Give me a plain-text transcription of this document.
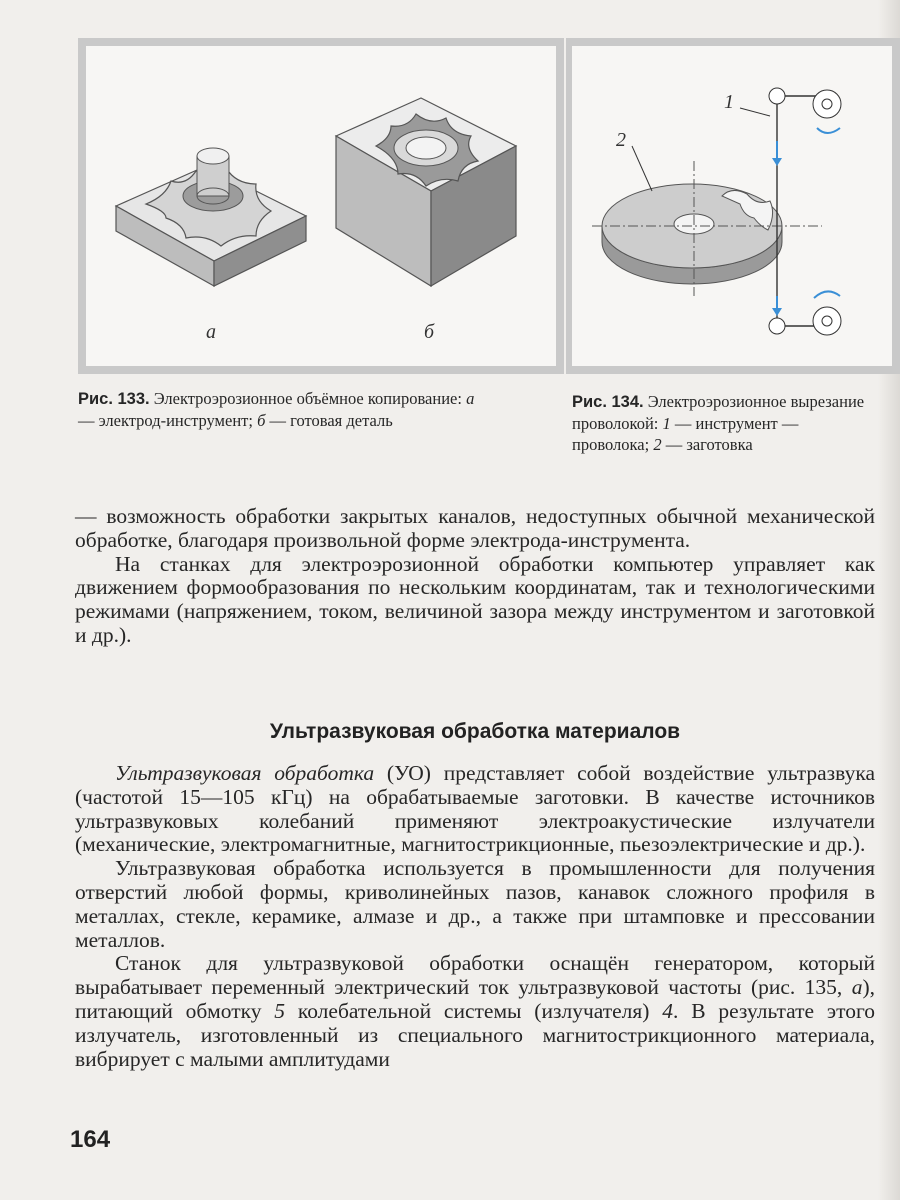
а	б
1
2
Рис. 133. Электроэрозионное объёмное копирование: а — электрод-инструмент; б — готовая деталь
Рис. 134. Электроэрозионное вырезание проволокой: 1 — инструмент — проволока; 2 — заготовка

— возможность обработки закрытых каналов, недоступных обычной механической обработке, благодаря произвольной форме электрода-инструмента.

На станках для электроэрозионной обработки компьютер управляет как движением формообразования по нескольким координатам, так и технологическими режимами (напряжением, током, величиной зазора между инструментом и заготовкой и др.).

Ультразвуковая обработка материалов

Ультразвуковая обработка (УО) представляет собой воздействие ультразвука (частотой 15—105 кГц) на обрабатываемые заготовки. В качестве источников ультразвуковых колебаний применяют электроакустические излучатели (механические, электромагнитные, магнитострикционные, пьезоэлектрические и др.).

Ультразвуковая обработка используется в промышленности для получения отверстий любой формы, криволинейных пазов, канавок сложного профиля в металлах, стекле, керамике, алмазе и др., а также при штамповке и прессовании металлов.

Станок для ультразвуковой обработки оснащён генератором, который вырабатывает переменный электрический ток ультразвуковой частоты (рис. 135, а), питающий обмотку 5 колебательной системы (излучателя) 4. В результате этого излучатель, изготовленный из специального магнитострикционного материала, вибрирует с малыми амплитудами

164
